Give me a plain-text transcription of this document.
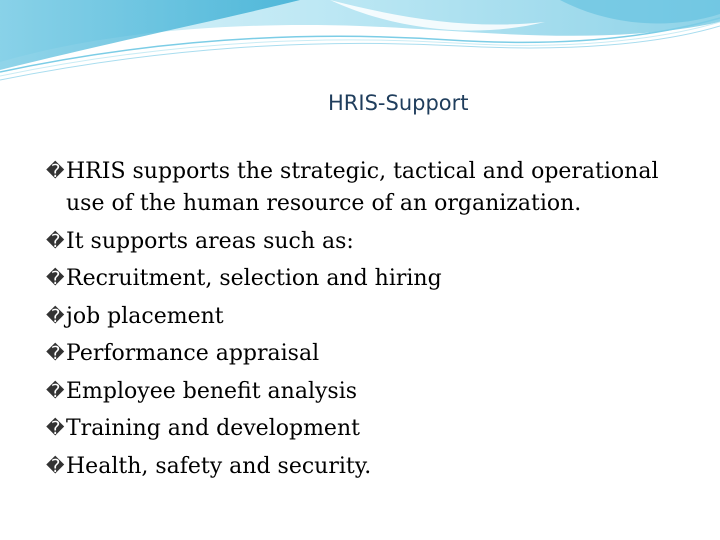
HRIS-Support
� HRIS supports the strategic, tactical and operational
use of the human resource of an organization.
� It supports areas such as:
� Recruitment, selection and hiring
� job placement
� Performance appraisal
� Employee benefit analysis
� Training and development
� Health, safety and security.
